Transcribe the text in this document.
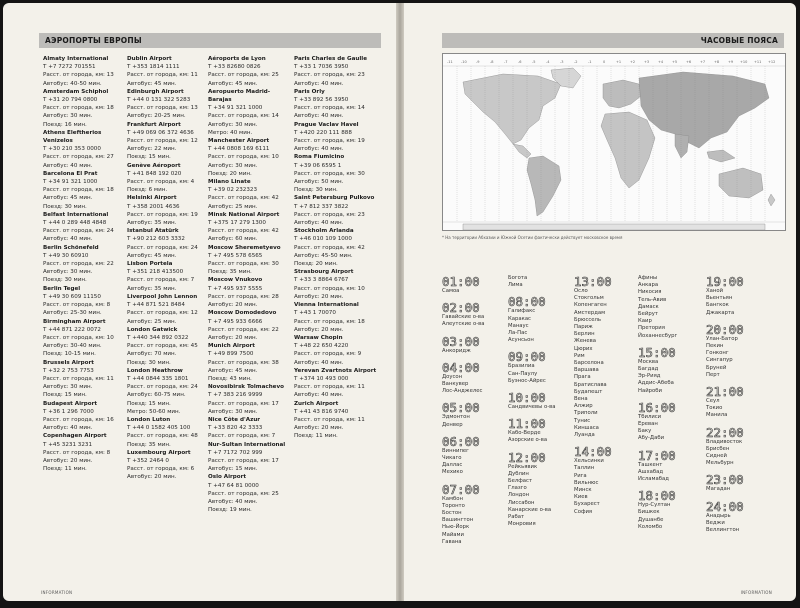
АЭРОПОРТЫ ЕВРОПЫ
Almaty International
T +7 7272 701551
Расст. от города, км: 13
Автобус: 40-50 мин.
Amsterdam Schiphol
T +31 20 794 0800
Расст. от города, км: 18
Автобус: 30 мин.
Поезд: 16 мин.
Athens Eleftherios Venizelos
T +30 210 353 0000
Расст. от города, км: 27
Автобус: 40 мин.
Barcelona El Prat
T +34 91 321 1000
Расст. от города, км: 18
Автобус: 45 мин.
Поезд: 30 мин.
Belfast International
T +44 0 289 448 4848
Расст. от города, км: 24
Автобус: 40 мин.
Berlin Schönefeld
T +49 30 60910
Расст. от города, км: 22
Автобус: 30 мин.
Поезд: 30 мин.
Berlin Tegel
T +49 30 609 11150
Расст. от города, км: 8
Автобус: 25-30 мин.
Birmingham Airport
T +44 871 222 0072
Расст. от города, км: 10
Автобус: 30-40 мин.
Поезд: 10-15 мин.
Brussels Airport
T +32 2 753 7753
Расст. от города, км: 11
Автобус: 30 мин.
Поезд: 15 мин.
Budapest Airport
T +36 1 296 7000
Расст. от города, км: 16
Автобус: 40 мин.
Copenhagen Airport
T +45 3231 3231
Расст. от города, км: 8
Автобус: 20 мин.
Поезд: 11 мин.
Dublin Airport
T +353 1814 1111
Расст. от города, км: 11
Автобус: 45 мин.
Edinburgh Airport
T +44 0 131 322 5283
Расст. от города, км: 13
Автобус: 20-25 мин.
Frankfurt Airport
T +49 069 06 372 4636
Расст. от города, км: 12
Автобус: 22 мин.
Поезд: 15 мин.
Genève Aéroport
T +41 848 192 020
Расст. от города, км: 4
Поезд: 6 мин.
Helsinki Airport
T +358 2001 4636
Расст. от города, км: 19
Автобус: 35 мин.
Istanbul Atatürk
T +90 212 603 3332
Расст. от города, км: 24
Автобус: 45 мин.
Lisbon Portela
T +351 218 413500
Расст. от города, км: 7
Автобус: 35 мин.
Liverpool John Lennon
T +44 871 521 8484
Расст. от города, км: 12
Автобус: 25 мин.
London Gatwick
T +440 344 892 0322
Расст. от города, км: 45
Автобус: 70 мин.
Поезд: 30 мин.
London Heathrow
T +44 0844 335 1801
Расст. от города, км: 24
Автобус: 60-75 мин.
Поезд: 15 мин.
Метро: 50-60 мин.
London Luton
T +44 0 1582 405 100
Расст. от города, км: 48
Поезд: 35 мин.
Luxembourg Airport
T +352 2464 0
Расст. от города, км: 6
Автобус: 20 мин.
Aéroports de Lyon
T +33 82680 0826
Расст. от города, км: 25
Автобус: 45 мин.
Aeropuerto Madrid-Barajas
T +34 91 321 1000
Расст. от города, км: 14
Автобус: 30 мин.
Метро: 40 мин.
Manchester Airport
T +44 0808 169 6111
Расст. от города, км: 10
Автобус: 30 мин.
Поезд: 20 мин.
Milano Linate
T +39 02 232323
Расст. от города, км: 42
Автобус: 25 мин.
Minsk National Airport
T +375 17 279 1300
Расст. от города, км: 42
Автобус: 60 мин.
Moscow Sheremetyevo
T +7 495 578 6565
Расст. от города, км: 30
Поезд: 35 мин.
Moscow Vnukovo
T +7 495 937 5555
Расст. от города, км: 28
Автобус: 20 мин.
Moscow Domodedovo
T +7 495 933 6666
Расст. от города, км: 22
Автобус: 20 мин.
Munich Airport
T +49 899 7500
Расст. от города, км: 38
Автобус: 45 мин.
Поезд: 43 мин.
Novosibirsk Tolmachevo
T +7 383 216 9999
Расст. от города, км: 17
Автобус: 30 мин.
Nice Côte d'Azur
T +33 820 42 3333
Расст. от города, км: 7
Nur-Sultan International
T +7 7172 702 999
Расст. от города, км: 17
Автобус: 15 мин.
Oslo Airport
T +47 64 81 0000
Расст. от города, км: 25
Автобус: 40 мин.
Поезд: 19 мин.
Paris Charles de Gaulle
T +33 1 7036 3950
Расст. от города, км: 23
Автобус: 40 мин.
Paris Orly
T +33 892 56 3950
Расст. от города, км: 14
Автобус: 40 мин.
Prague Vaclav Havel
T +420 220 111 888
Расст. от города, км: 19
Автобус: 40 мин.
Roma Fiumicino
T +39 06 6595 1
Расст. от города, км: 30
Автобус: 50 мин.
Поезд: 30 мин.
Saint Petersburg Pulkovo
T +7 812 337 3822
Расст. от города, км: 23
Автобус: 40 мин.
Stockholm Arlanda
T +46 010 109 1000
Расст. от города, км: 42
Автобус: 45-50 мин.
Поезд: 20 мин.
Strasbourg Airport
T +33 3 8864 6767
Расст. от города, км: 10
Автобус: 20 мин.
Vienna International
T +43 1 70070
Расст. от города, км: 18
Автобус: 20 мин.
Warsaw Chopin
T +48 22 650 4220
Расст. от города, км: 9
Автобус: 40 мин.
Yerevan Zvartnots Airport
T +374 10 493 000
Расст. от города, км: 11
Автобус: 40 мин.
Zurich Airport
T +41 43 816 9740
Расст. от города, км: 11
Автобус: 20 мин.
Поезд: 11 мин.
INFORMATION
ЧАСОВЫЕ ПОЯСА
-11 -10	-9	-8	-7	-6	-5	-4	-3	-2	-1	0	+1	+2	+3	+4	+5	+6	+7	+8	+9 +10 +11 +12
* На территории Абхазии и Южной Осетии фактически действует московское время
01:00
Самоа
02:00
Гавайские о-ва
Алеутские о-ва
03:00
Анкоридж
04:00
Доусон
Ванкувер
Лос-Анджелес
05:00
Эдмонтон
Денвер
06:00
Виннипег
Чикаго
Даллас
Мехико
07:00
Камбон
Торонто
Бостон
Вашингтон
Нью-Йорк
Майами
Гавана
Богота
Лима
08:00
Галифакс
Каракас
Манаус
Ла-Пас
Асунсьон
09:00
Бразилиа
Сан-Паулу
Буэнос-Айрес
10:00
Сандвичевы о-ва
11:00
Кабо-Верде
Азорские о-ва
12:00
Рейкьявик
Дублин
Белфаст
Глазго
Лондон
Лиссабон
Канарские о-ва
Рабат
Монровия
13:00
Осло
Стокгольм
Копенгаген
Амстердам
Брюссель
Париж
Берлин
Женева
Цюрих
Рим
Барселона
Варшава
Прага
Братислава
Будапешт
Вена
Алжир
Триполи
Тунис
Киншаса
Луанда
14:00
Хельсинки
Таллин
Рига
Вильнюс
Минск
Киев
Бухарест
София
Афины
Анкара
Никосия
Тель-Авив
Дамаск
Бейрут
Каир
Претория
Йоханнесбург
15:00
Москва
Багдад
Эр-Рияд
Аддис-Абеба
Найроби
16:00
Тбилиси
Ереван
Баку
Абу-Даби
17:00
Ташкент
Ашхабад
Исламабад
18:00
Нур-Султан
Бишкек
Душанбе
Коломбо
19:00
Ханой
Вьентьян
Бангкок
Джакарта
20:00
Улан-Батор
Пекин
Гонконг
Сингапур
Бруней
Перт
21:00
Сеул
Токио
Манила
22:00
Владивосток
Брисбен
Сидней
Мельбурн
23:00
Магадан
24:00
Анадырь
Веджи
Веллингтон
INFORMATION
